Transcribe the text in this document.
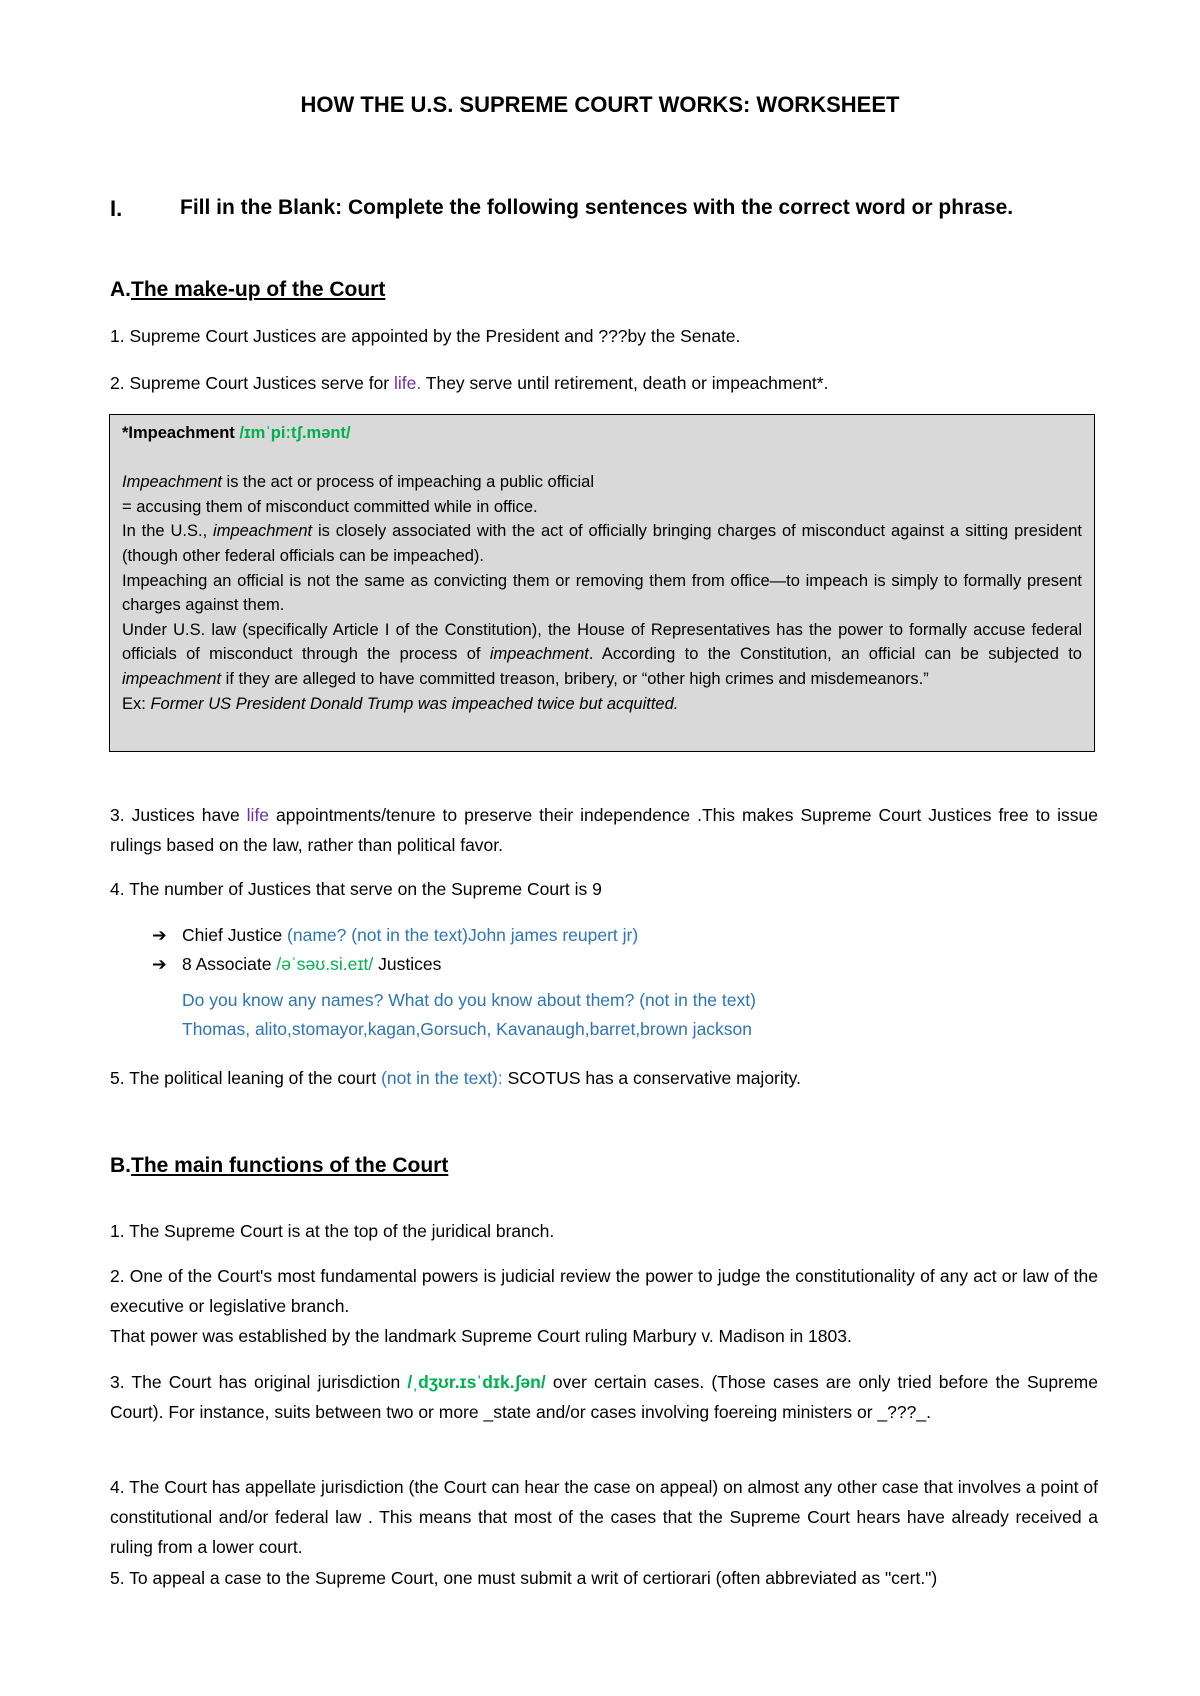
HOW THE U.S. SUPREME COURT WORKS: WORKSHEET
I.	Fill in the Blank: Complete the following sentences with the correct word or phrase.
A.The make-up of the Court
1. Supreme Court Justices are appointed by the President and ???by the Senate.
2. Supreme Court Justices serve for life. They serve until retirement, death or impeachment*.
*Impeachment /ɪmˈpiːtʃ.mənt/
Impeachment is the act or process of impeaching a public official
= accusing them of misconduct committed while in office.
In the U.S., impeachment is closely associated with the act of officially bringing charges of misconduct against a sitting president (though other federal officials can be impeached).
Impeaching an official is not the same as convicting them or removing them from office—to impeach is simply to formally present charges against them.
Under U.S. law (specifically Article I of the Constitution), the House of Representatives has the power to formally accuse federal officials of misconduct through the process of impeachment. According to the Constitution, an official can be subjected to impeachment if they are alleged to have committed treason, bribery, or “other high crimes and misdemeanors.”
Ex: Former US President Donald Trump was impeached twice but acquitted.
3. Justices have life appointments/tenure to preserve their independence .This makes Supreme Court Justices free to issue rulings based on the law, rather than political favor.
4. The number of Justices that serve on the Supreme Court is 9
➔ Chief Justice (name? (not in the text)John james reupert jr)
➔ 8 Associate /əˈsəʊ.si.eɪt/ Justices
Do you know any names? What do you know about them? (not in the text)
Thomas, alito,stomayor,kagan,Gorsuch, Kavanaugh,barret,brown jackson
5. The political leaning of the court (not in the text): SCOTUS has a conservative majority.
B.The main functions of the Court
1. The Supreme Court is at the top of the juridical branch.
2. One of the Court's most fundamental powers is judicial review the power to judge the constitutionality of any act or law of the executive or legislative branch.
That power was established by the landmark Supreme Court ruling Marbury v. Madison in 1803.
3. The Court has original jurisdiction /ˌdʒʊr.ɪsˈdɪk.ʃən/ over certain cases. (Those cases are only tried before the Supreme Court). For instance, suits between two or more _state and/or cases involving foereing ministers or _???_.
4. The Court has appellate jurisdiction (the Court can hear the case on appeal) on almost any other case that involves a point of constitutional and/or federal law . This means that most of the cases that the Supreme Court hears have already received a ruling from a lower court.
5. To appeal a case to the Supreme Court, one must submit a writ of certiorari (often abbreviated as "cert.")
